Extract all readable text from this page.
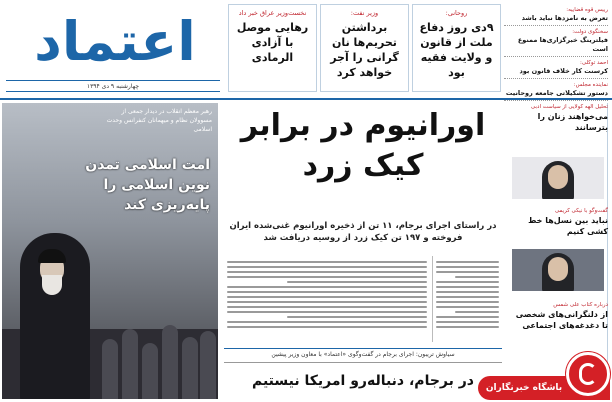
اعتماد
چهارشنبه ۹ دی ۱۳۹۴
نخست‌وزیر عراق خبر داد
رهایی موصل با آزادی الرمادی
وزیر نفت:
برداشتن تحریم‌ها نان گرانی را آجر خواهد کرد
روحانی:
۹دی روز دفاع ملت از قانون و ولایت فقیه بود
رییس قوه قضاییه:
تعرض به نامزدها نباید باشد
سخنگوی دولت:
فیلترینگ خبرگزاری‌ها ممنوع است
احمد توکلی:
کرسنت کار خلاف قانون بود
نماینده مجلس:
دستور تشکیلاتی جامعه روحانیت
رهبر معظم انقلاب در دیدار جمعی از مسوولان نظام و میهمانان کنفرانس وحدت اسلامی
امت اسلامی تمدن نوین اسلامی را پایه‌ریزی کند
اورانیوم در برابر کیک زرد
در راستای اجرای برجام، ۱۱ تن از ذخیره اورانیوم غنی‌شده ایران فروخته و ۱۹۷ تن کیک زرد از روسیه دریافت شد
سیاوش تریبون: اجرای برجام در گفت‌وگوی «اعتماد» با معاون وزیر پیشین
در برجام، دنباله‌رو امریکا نیستیم
تحلیل الهه کولایی از سیاست ادبی
می‌خواهند زنان را بترسانند
گفت‌وگو با نیکی کریمی
نباید بین نسل‌ها خط کشی کنیم
درباره کتاب علی شمس
از دلنگرانی‌های شخصی تا دغدغه‌های اجتماعی
باشگاه خبرنگاران
